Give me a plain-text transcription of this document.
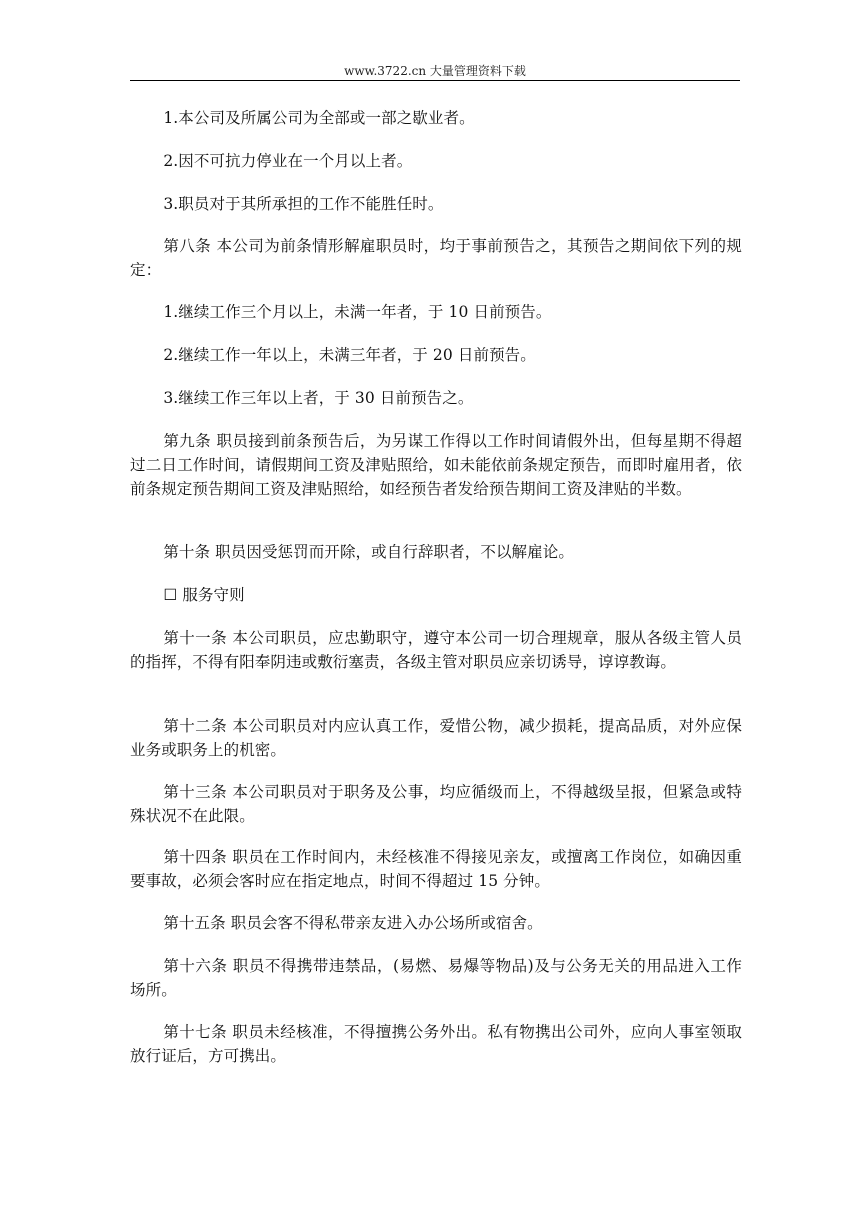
www.3722.cn 大量管理资料下载

1.本公司及所属公司为全部或一部之歇业者。

2.因不可抗力停业在一个月以上者。

3.职员对于其所承担的工作不能胜任时。

第八条 本公司为前条情形解雇职员时，均于事前预告之，其预告之期间依下列的规定：

1.继续工作三个月以上，未满一年者，于 10 日前预告。

2.继续工作一年以上，未满三年者，于 20 日前预告。

3.继续工作三年以上者，于 30 日前预告之。

第九条 职员接到前条预告后，为另谋工作得以工作时间请假外出，但每星期不得超过二日工作时间，请假期间工资及津贴照给，如未能依前条规定预告，而即时雇用者，依前条规定预告期间工资及津贴照给，如经预告者发给预告期间工资及津贴的半数。

第十条 职员因受惩罚而开除，或自行辞职者，不以解雇论。

☐ 服务守则

第十一条 本公司职员，应忠勤职守，遵守本公司一切合理规章，服从各级主管人员的指挥，不得有阳奉阴违或敷衍塞责，各级主管对职员应亲切诱导，谆谆教诲。

第十二条 本公司职员对内应认真工作，爱惜公物，减少损耗，提高品质，对外应保业务或职务上的机密。

第十三条 本公司职员对于职务及公事，均应循级而上，不得越级呈报，但紧急或特殊状况不在此限。

第十四条 职员在工作时间内，未经核准不得接见亲友，或擅离工作岗位，如确因重要事故，必须会客时应在指定地点，时间不得超过 15 分钟。

第十五条 职员会客不得私带亲友进入办公场所或宿舍。

第十六条 职员不得携带违禁品，(易燃、易爆等物品)及与公务无关的用品进入工作场所。

第十七条 职员未经核准，不得擅携公务外出。私有物携出公司外，应向人事室领取放行证后，方可携出。
